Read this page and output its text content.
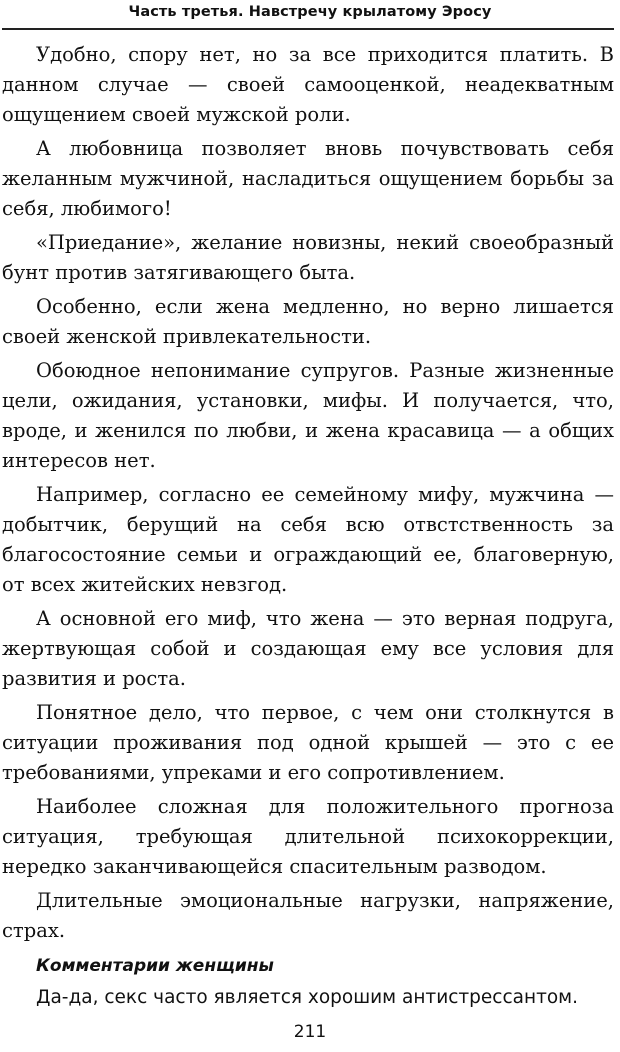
Часть третья. Навстречу крылатому Эросу

Удобно, спору нет, но за все приходится платить. В данном случае — своей самооценкой, неадекватным ощущением своей мужской роли.

А любовница позволяет вновь почувствовать себя желанным мужчиной, насладиться ощущением борьбы за себя, любимого!

«Приедание», желание новизны, некий своеобразный бунт против затягивающего быта.

Особенно, если жена медленно, но верно лишается своей женской привлекательности.

Обоюдное непонимание супругов. Разные жизненные цели, ожидания, установки, мифы. И получается, что, вроде, и женился по любви, и жена красавица — а общих интересов нет.

Например, согласно ее семейному мифу, мужчина — добытчик, берущий на себя всю отвстственность за благосостояние семьи и ограждающий ее, благоверную, от всех житейских невзгод.

А основной его миф, что жена — это верная подруга, жертвующая собой и создающая ему все условия для развития и роста.

Понятное дело, что первое, с чем они столкнутся в ситуации проживания под одной крышей — это с ее требованиями, упреками и его сопротивлением.

Наиболее сложная для положительного прогноза ситуация, требующая длительной психокоррекции, нередко заканчивающейся спасительным разводом.

Длительные эмоциональные нагрузки, напряжение, страх.

Комментарии женщины
Да-да, секс часто является хорошим антистрессантом.
211
